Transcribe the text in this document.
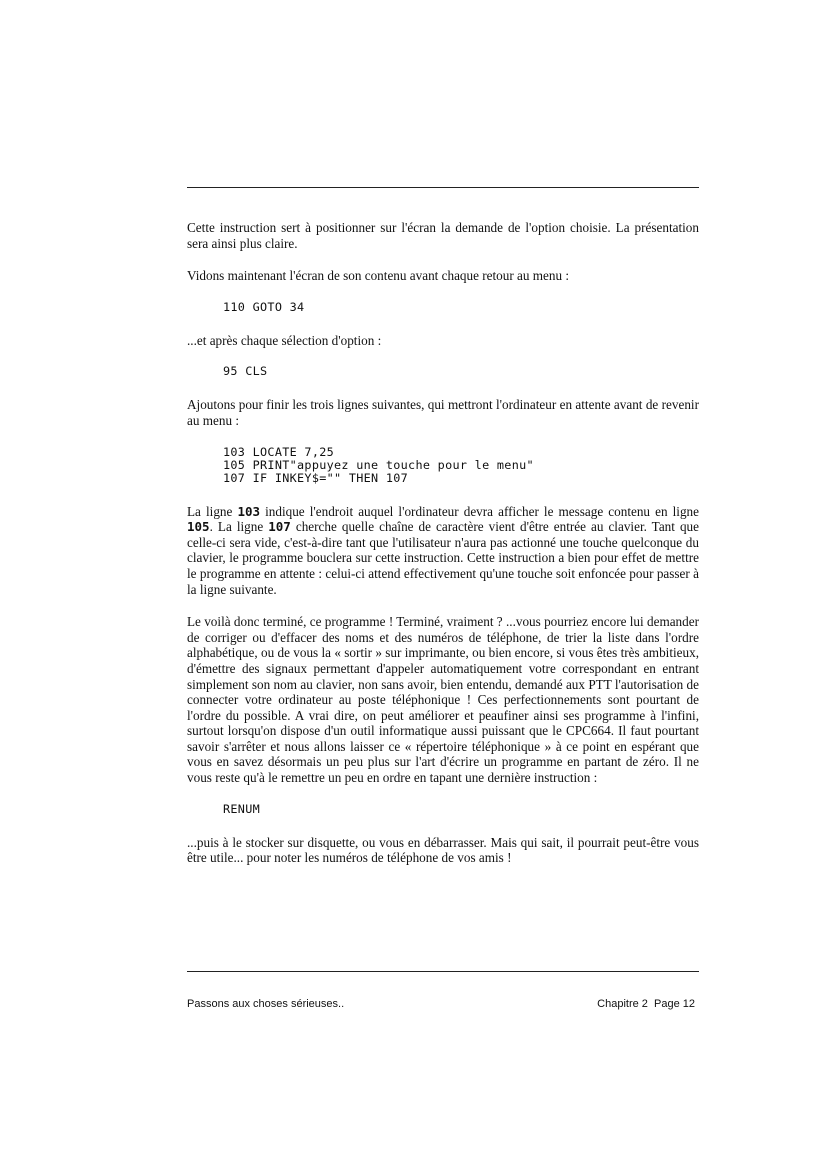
Cette instruction sert à positionner sur l'écran la demande de l'option choisie. La présentation sera ainsi plus claire.

Vidons maintenant l'écran de son contenu avant chaque retour au menu :

110 GOTO 34

...et après chaque sélection d'option :

95 CLS

Ajoutons pour finir les trois lignes suivantes, qui mettront l'ordinateur en attente avant de revenir au menu :

103 LOCATE 7,25
105 PRINT"appuyez une touche pour le menu"
107 IF INKEY$="" THEN 107

La ligne 103 indique l'endroit auquel l'ordinateur devra afficher le message contenu en ligne 105. La ligne 107 cherche quelle chaîne de caractère vient d'être entrée au clavier. Tant que celle-ci sera vide, c'est-à-dire tant que l'utilisateur n'aura pas actionné une touche quelconque du clavier, le programme bouclera sur cette instruction. Cette instruction a bien pour effet de mettre le programme en attente : celui-ci attend effectivement qu'une touche soit enfoncée pour passer à la ligne suivante.

Le voilà donc terminé, ce programme ! Terminé, vraiment ? ...vous pourriez encore lui demander de corriger ou d'effacer des noms et des numéros de téléphone, de trier la liste dans l'ordre alphabétique, ou de vous la « sortir » sur imprimante, ou bien encore, si vous êtes très ambitieux, d'émettre des signaux permettant d'appeler automatiquement votre correspondant en entrant simplement son nom au clavier, non sans avoir, bien entendu, demandé aux PTT l'autorisation de connecter votre ordinateur au poste téléphonique ! Ces perfectionnements sont pourtant de l'ordre du possible. A vrai dire, on peut améliorer et peaufiner ainsi ses programme à l'infini, surtout lorsqu'on dispose d'un outil informatique aussi puissant que le CPC664. Il faut pourtant savoir s'arrêter et nous allons laisser ce « répertoire téléphonique » à ce point en espérant que vous en savez désormais un peu plus sur l'art d'écrire un programme en partant de zéro. Il ne vous reste qu'à le remettre un peu en ordre en tapant une dernière instruction :

RENUM

...puis à le stocker sur disquette, ou vous en débarrasser. Mais qui sait, il pourrait peut-être vous être utile... pour noter les numéros de téléphone de vos amis !

Passons aux choses sérieuses..	Chapitre 2  Page 12
